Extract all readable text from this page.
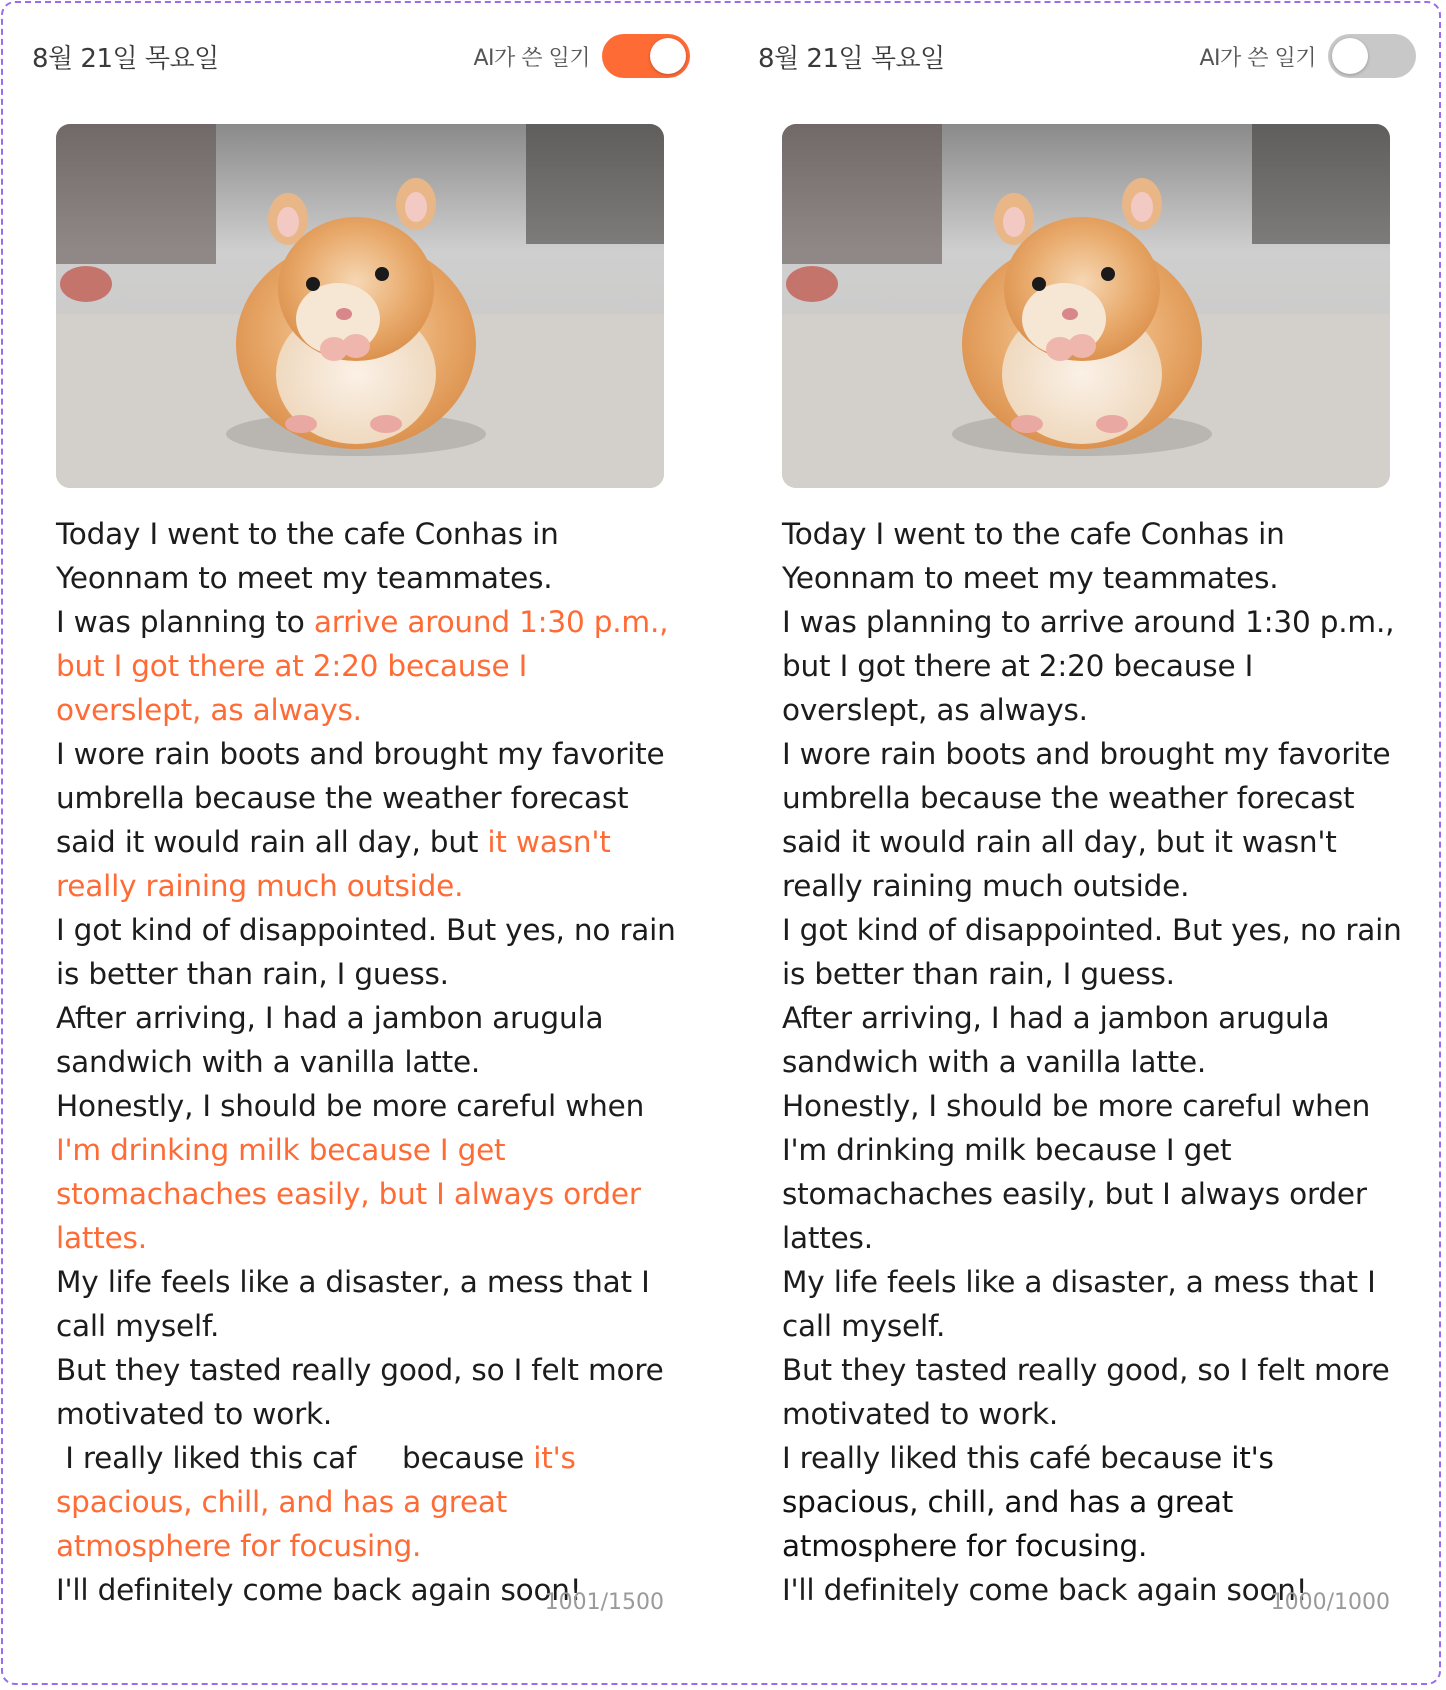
8월 21일 목요일	AI가 쓴 일기

Today I went to the cafe Conhas in Yeonnam to meet my teammates.

I was planning to arrive around 1:30 p.m., but I got there at 2:20 because I overslept, as always.

I wore rain boots and brought my favorite umbrella because the weather forecast said it would rain all day, but it wasn't really raining much outside.

I got kind of disappointed. But yes, no rain is better than rain, I guess.

After arriving, I had a jambon arugula sandwich with a vanilla latte.

Honestly, I should be more careful when I'm drinking milk because I get stomachaches easily, but I always order lattes.

My life feels like a disaster, a mess that I call myself.

But they tasted really good, so I felt more motivated to work.

I really liked this caf     because it's spacious, chill, and has a great atmosphere for focusing.

I'll definitely come back again soon!

1001/1500
8월 21일 목요일	AI가 쓴 일기

Today I went to the cafe Conhas in Yeonnam to meet my teammates.

I was planning to arrive around 1:30 p.m., but I got there at 2:20 because I overslept, as always.

I wore rain boots and brought my favorite umbrella because the weather forecast said it would rain all day, but it wasn't really raining much outside.

I got kind of disappointed. But yes, no rain is better than rain, I guess.

After arriving, I had a jambon arugula sandwich with a vanilla latte.

Honestly, I should be more careful when I'm drinking milk because I get stomachaches easily, but I always order lattes.

My life feels like a disaster, a mess that I call myself.

But they tasted really good, so I felt more motivated to work.

I really liked this café because it's spacious, chill, and has a great atmosphere for focusing.

I'll definitely come back again soon!

1000/1000
